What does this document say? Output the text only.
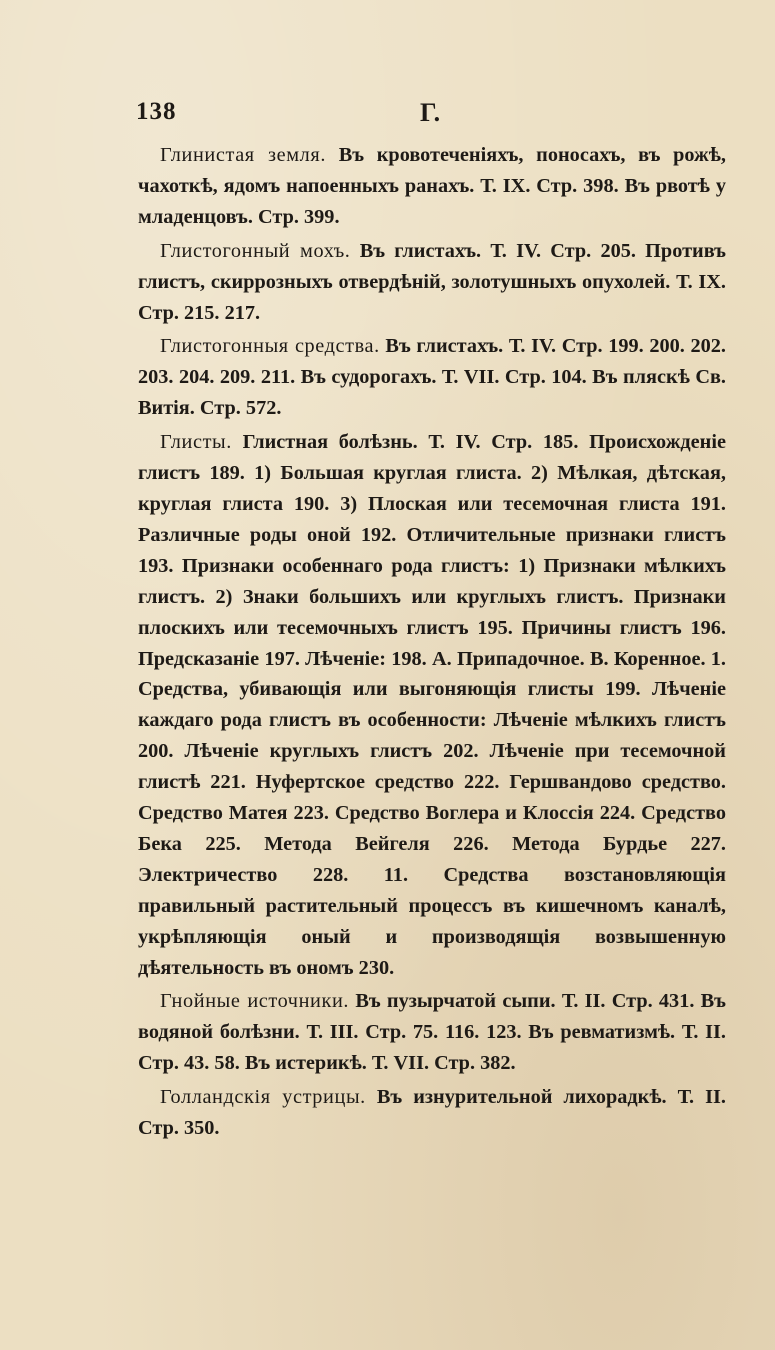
138	Г.

Глинистая земля. Въ кровотеченiяхъ, поносахъ, въ рожѣ, чахоткѣ, ядомъ напоенныхъ ранахъ. Т. IX. Стр. 398. Въ рвотѣ у младенцовъ. Стр. 399.

Глистогонный мохъ. Въ глистахъ. Т. IV. Стр. 205. Противъ глистъ, скиррозныхъ отвердѣнiй, золотушныхъ опухолей. Т. IX. Стр. 215. 217.

Глистогонныя средства. Въ глистахъ. Т. IV. Стр. 199. 200. 202. 203. 204. 209. 211. Въ судорогахъ. Т. VII. Стр. 104. Въ пляскѣ Св. Витiя. Стр. 572.

Глисты. Глистная болѣзнь. Т. IV. Стр. 185. Происхожденiе глистъ 189. 1) Большая круглая глиста. 2) Мѣлкая, дѣтская, круглая глиста 190. 3) Плоская или тесемочная глиста 191. Различные роды оной 192. Отличительные признаки глистъ 193. Признаки особеннаго рода глистъ: 1) Признаки мѣлкихъ глистъ. 2) Знаки большихъ или круглыхъ глистъ. Признаки плоскихъ или тесемочныхъ глистъ 195. Причины глистъ 196. Предсказанiе 197. Лѣченiе: 198. А. Припадочное. В. Коренное. 1. Средства, убивающiя или выгоняющiя глисты 199. Лѣченiе каждаго рода глистъ въ особенности: Лѣченiе мѣлкихъ глистъ 200. Лѣченiе круглыхъ глистъ 202. Лѣченiе при тесемочной глистѣ 221. Нуфертское средство 222. Гершвандово средство. Средство Матея 223. Средство Воглера и Клоссiя 224. Средство Бека 225. Метода Вейгеля 226. Метода Бурдье 227. Электричество 228. 11. Средства возстановляющiя правильный растительный процессъ въ кишечномъ каналѣ, укрѣпляющiя оный и производящiя возвышенную дѣятельность въ ономъ 230.

Гнойные источники. Въ пузырчатой сыпи. Т. II. Стр. 431. Въ водяной болѣзни. Т. III. Стр. 75. 116. 123. Въ ревматизмѣ. Т. II. Стр. 43. 58. Въ истерикѣ. Т. VII. Стр. 382.

Голландскiя устрицы. Въ изнурительной лихорадкѣ. Т. II. Стр. 350.
